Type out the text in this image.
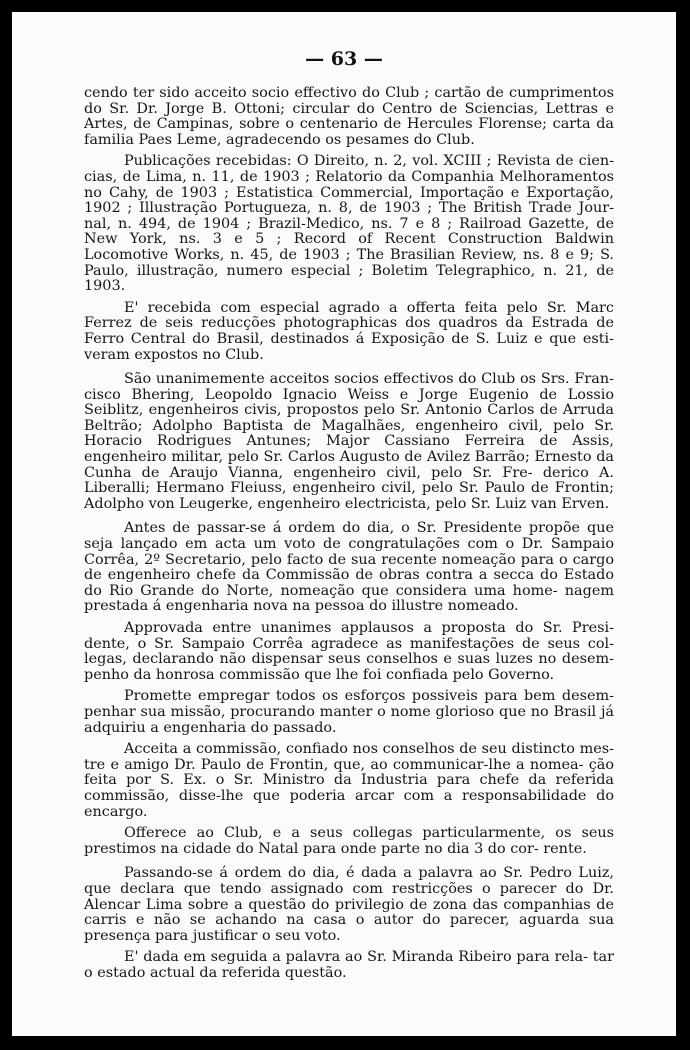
— 63 —

cendo ter sido acceito socio effectivo do Club ; cartão de cumprimentos do Sr. Dr. Jorge B. Ottoni; circular do Centro de Sciencias, Lettras e Artes, de Campinas, sobre o centenario de Hercules Florense; carta da familia Paes Leme, agradecendo os pesames do Club.

Publicações recebidas: O Direito, n. 2, vol. XCIII ; Revista de cien- cias, de Lima, n. 11, de 1903 ; Relatorio da Companhia Melhoramentos no Cahy, de 1903 ; Estatistica Commercial, Importação e Exportação, 1902 ; Illustração Portugueza, n. 8, de 1903 ; The British Trade Jour- nal, n. 494, de 1904 ; Brazil-Medico, ns. 7 e 8 ; Railroad Gazette, de New York, ns. 3 e 5 ; Record of Recent Construction Baldwin Locomotive Works, n. 45, de 1903 ; The Brasilian Review, ns. 8 e 9; S. Paulo, illustração, numero especial ; Boletim Telegraphico, n. 21, de 1903.

E' recebida com especial agrado a offerta feita pelo Sr. Marc Ferrez de seis reducções photographicas dos quadros da Estrada de Ferro Central do Brasil, destinados á Exposição de S. Luiz e que esti- veram expostos no Club.

São unanimemente acceitos socios effectivos do Club os Srs. Fran- cisco Bhering, Leopoldo Ignacio Weiss e Jorge Eugenio de Lossio Seiblitz, engenheiros civis, propostos pelo Sr. Antonio Carlos de Arruda Beltrão; Adolpho Baptista de Magalhães, engenheiro civil, pelo Sr. Horacio Rodrigues Antunes; Major Cassiano Ferreira de Assis, engenheiro militar, pelo Sr. Carlos Augusto de Avilez Barrão; Ernesto da Cunha de Araujo Vianna, engenheiro civil, pelo Sr. Fre- derico A. Liberalli; Hermano Fleiuss, engenheiro civil, pelo Sr. Paulo de Frontin; Adolpho von Leugerke, engenheiro electricista, pelo Sr. Luiz van Erven.

Antes de passar-se á ordem do dia, o Sr. Presidente propõe que seja lançado em acta um voto de congratulações com o Dr. Sampaio Corrêa, 2º Secretario, pelo facto de sua recente nomeação para o cargo de engenheiro chefe da Commissão de obras contra a secca do Estado do Rio Grande do Norte, nomeação que considera uma home- nagem prestada á engenharia nova na pessoa do illustre nomeado.

Approvada entre unanimes applausos a proposta do Sr. Presi- dente, o Sr. Sampaio Corrêa agradece as manifestações de seus col- legas, declarando não dispensar seus conselhos e suas luzes no desem- penho da honrosa commissão que lhe foi confiada pelo Governo.

Promette empregar todos os esforços possiveis para bem desem- penhar sua missão, procurando manter o nome glorioso que no Brasil já adquiriu a engenharia do passado.

Acceita a commissão, confiado nos conselhos de seu distincto mes- tre e amigo Dr. Paulo de Frontin, que, ao communicar-lhe a nomea- ção feita por S. Ex. o Sr. Ministro da Industria para chefe da referida commissão, disse-lhe que poderia arcar com a responsabilidade do encargo.

Offerece ao Club, e a seus collegas particularmente, os seus prestimos na cidade do Natal para onde parte no dia 3 do cor- rente.

Passando-se á ordem do dia, é dada a palavra ao Sr. Pedro Luiz, que declara que tendo assignado com restricções o parecer do Dr. Alencar Lima sobre a questão do privilegio de zona das companhias de carris e não se achando na casa o autor do parecer, aguarda sua presença para justificar o seu voto.

E' dada em seguida a palavra ao Sr. Miranda Ribeiro para rela- tar o estado actual da referida questão.
